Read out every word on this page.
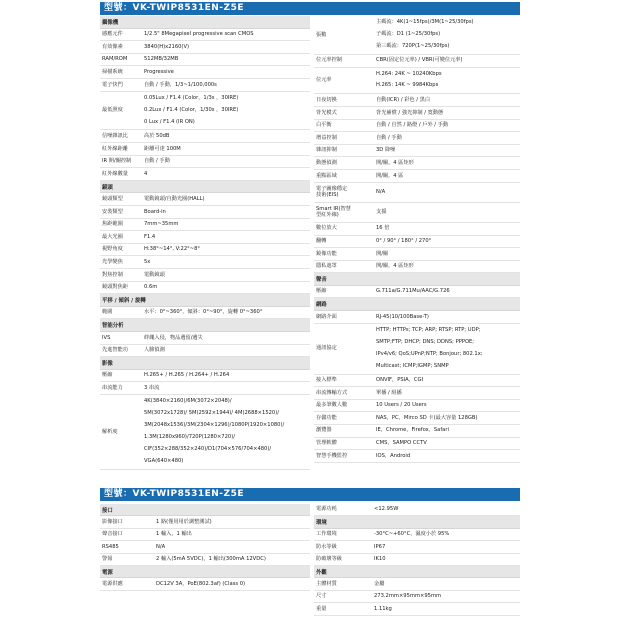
型號：VK-TWIP8531EN-Z5E
攝像機
感應元件	1/2.5" 8Megapixel progressive scan CMOS
有效像素	3840(H)x2160(V)
RAM/ROM	512MB/32MB
掃描系統	Progressive
電子快門	自動 / 手動，1/3~1/100,000s
最低照度
0.05Lux / F1.4 (Color，1/3s ，30IRE)
0.2Lux / F1.4 (Color，1/30s ，30IRE)
0 Lux / F1.4 (IR ON)
信噪雜訊比	高於 50dB
紅外線距離	距離可達 100M
IR 開/關控制	自動 / 手動
紅外線數量	4
鏡頭
鏡頭類型	電動鏡頭/自動光圈(HALL)
安裝類型	Board-in
焦距範圍	7mm~35mm
最大光圈	F1.4
視野角度	H:38°~14°, V:22°~8°
光學變焦	5x
對焦控制	電動鏡頭
鏡頭對焦距	0.6m
平移 / 傾斜 / 旋轉
範圍	水平：0°~360°，傾斜：0°~90°，旋轉 0°~360°
智能分析
IVS	絆繩入侵，物品遺留/遺失
先進智能功	人臉偵測
影像
壓縮	H.265+ / H.265 / H.264+ / H.264
串流能力	3 串流
解析度
4K(3840×2160)/6M(3072×2048)/
5M(3072x1728)/ 5M(2592×1944)/ 4M(2688×1520)/
3M(2048x1536)/3M(2304×1296)/1080P(1920×1080)/
1.3M(1280x960)/720P(1280×720)/
CIF(352×288/352×240)/D1(704×576/704×480)/
VGA(640×480)
張數
主碼流：4K(1~15fps)/3M(1~25/30fps)
子碼流：D1 (1~25/30fps)
第三碼流：720P(1~25/30fps)
位元率控制	CBR(固定位元率) / VBR(可變位元率)
位元率
H.264: 24K ~ 10240Kbps
H.265: 14K ~ 9984Kbps
日夜切換	自動(ICR) / 彩色 / 黑白
背光模式	背光補償 / 強光抑制 / 寬動態
白平衡	自動 / 自然 / 路燈 / 戶外 / 手動
增益控制	自動 / 手動
雜訊抑制	3D 降噪
動態偵測	開/關，4 區矩形
重點區域	開/關，4 區
電子圖像穩定
技術(EIS)
N/A
Smart IR(智慧
型紅外線)
支援
數位放大	16 倍
翻轉	0° / 90° / 180° / 270°
鏡像功能	開/關
隱私遮罩	開/關，4 區矩形
聲音
壓縮	G.711a/G.711Mu/AAC/G.726
網路
網路介面	RJ-45(10/100Base-T)
通訊協定
HTTP; HTTPs; TCP; ARP; RTSP; RTP; UDP;
SMTP;FTP; DHCP; DNS; DDNS; PPPOE;
IPv4/v6; QoS;UPnP;NTP; Bonjour; 802.1x;
Multicast; ICMP;IGMP; SNMP
接入標準	ONVIF，PSIA，CGI
串流傳輸方式	單播 / 組播
最多筆數人數	10 Users / 20 Users
存儲功能	NAS，PC，Mirco SD 卡(最大容量 128GB)
瀏覽器	IE，Chrome，Firefox，Safari
管理軟體	CMS，SAMPO CCTV
智慧手機監控	IOS，Android
型號：VK-TWIP8531EN-Z5E
接口
影像接口	1 路(僅用用於調整測試)
聲音接口	1 輸入，1 輸出
RS485	N/A
警報	2 輸入(5mA 5VDC)，1 輸出(300mA 12VDC)
電源
電源供應	DC12V 3A，PoE(802.3af) (Class 0)
電源功耗	<12.95W
環境
工作環境	-30°C~+60°C，濕度小於 95%
防水等級	IP67
防破壞等級	IK10
外觀
主體材質	金屬
尺寸	273.2mm×95mm×95mm
重量	1.11kg
